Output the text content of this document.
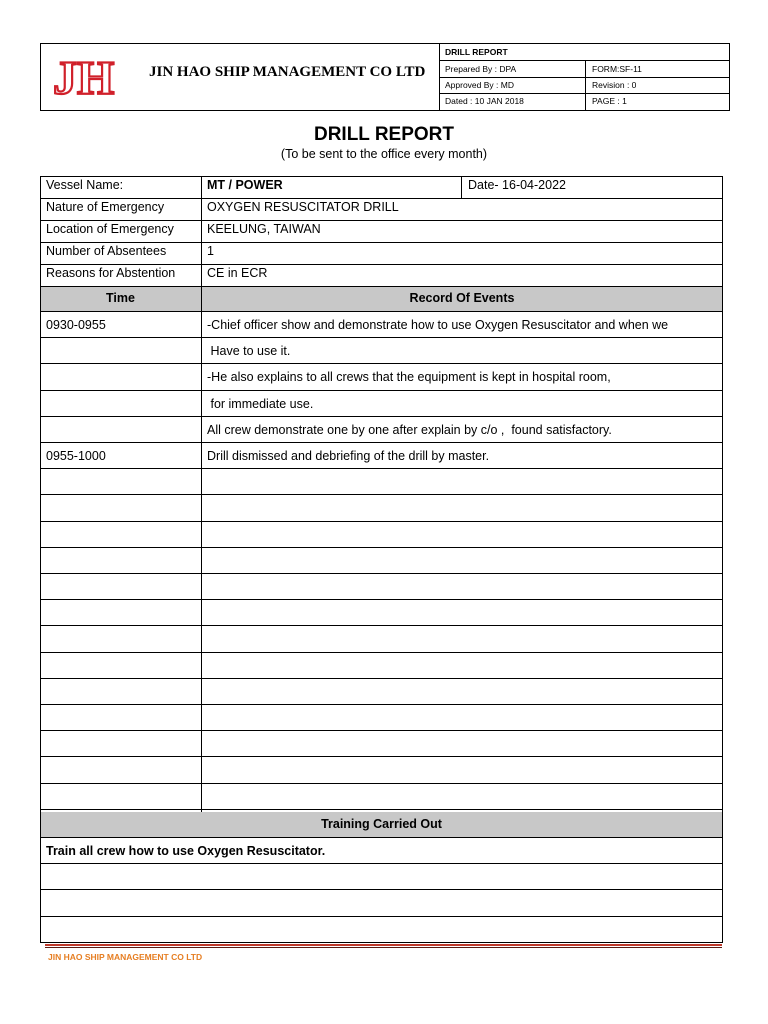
JH JIN HAO SHIP MANAGEMENT CO LTD
DRILL REPORT
Prepared By : DPA	FORM:SF-11
Approved By : MD	Revision : 0
Dated : 10 JAN 2018	PAGE : 1
DRILL REPORT
(To be sent to the office every month)
Vessel Name:	MT / POWER	Date- 16-04-2022
Nature of Emergency	OXYGEN RESUSCITATOR DRILL
Location of Emergency	KEELUNG, TAIWAN
Number of Absentees	1
Reasons for Abstention	CE in ECR
Time	Record Of Events
0930-0955	-Chief officer show and demonstrate how to use Oxygen Resuscitator and when we
Have to use it.
-He also explains to all crews that the equipment is kept in hospital room,
for immediate use.
All crew demonstrate one by one after explain by c/o ,  found satisfactory.
0955-1000	Drill dismissed and debriefing of the drill by master.
Training Carried Out
Train all crew how to use Oxygen Resuscitator.
JIN HAO SHIP MANAGEMENT CO LTD
